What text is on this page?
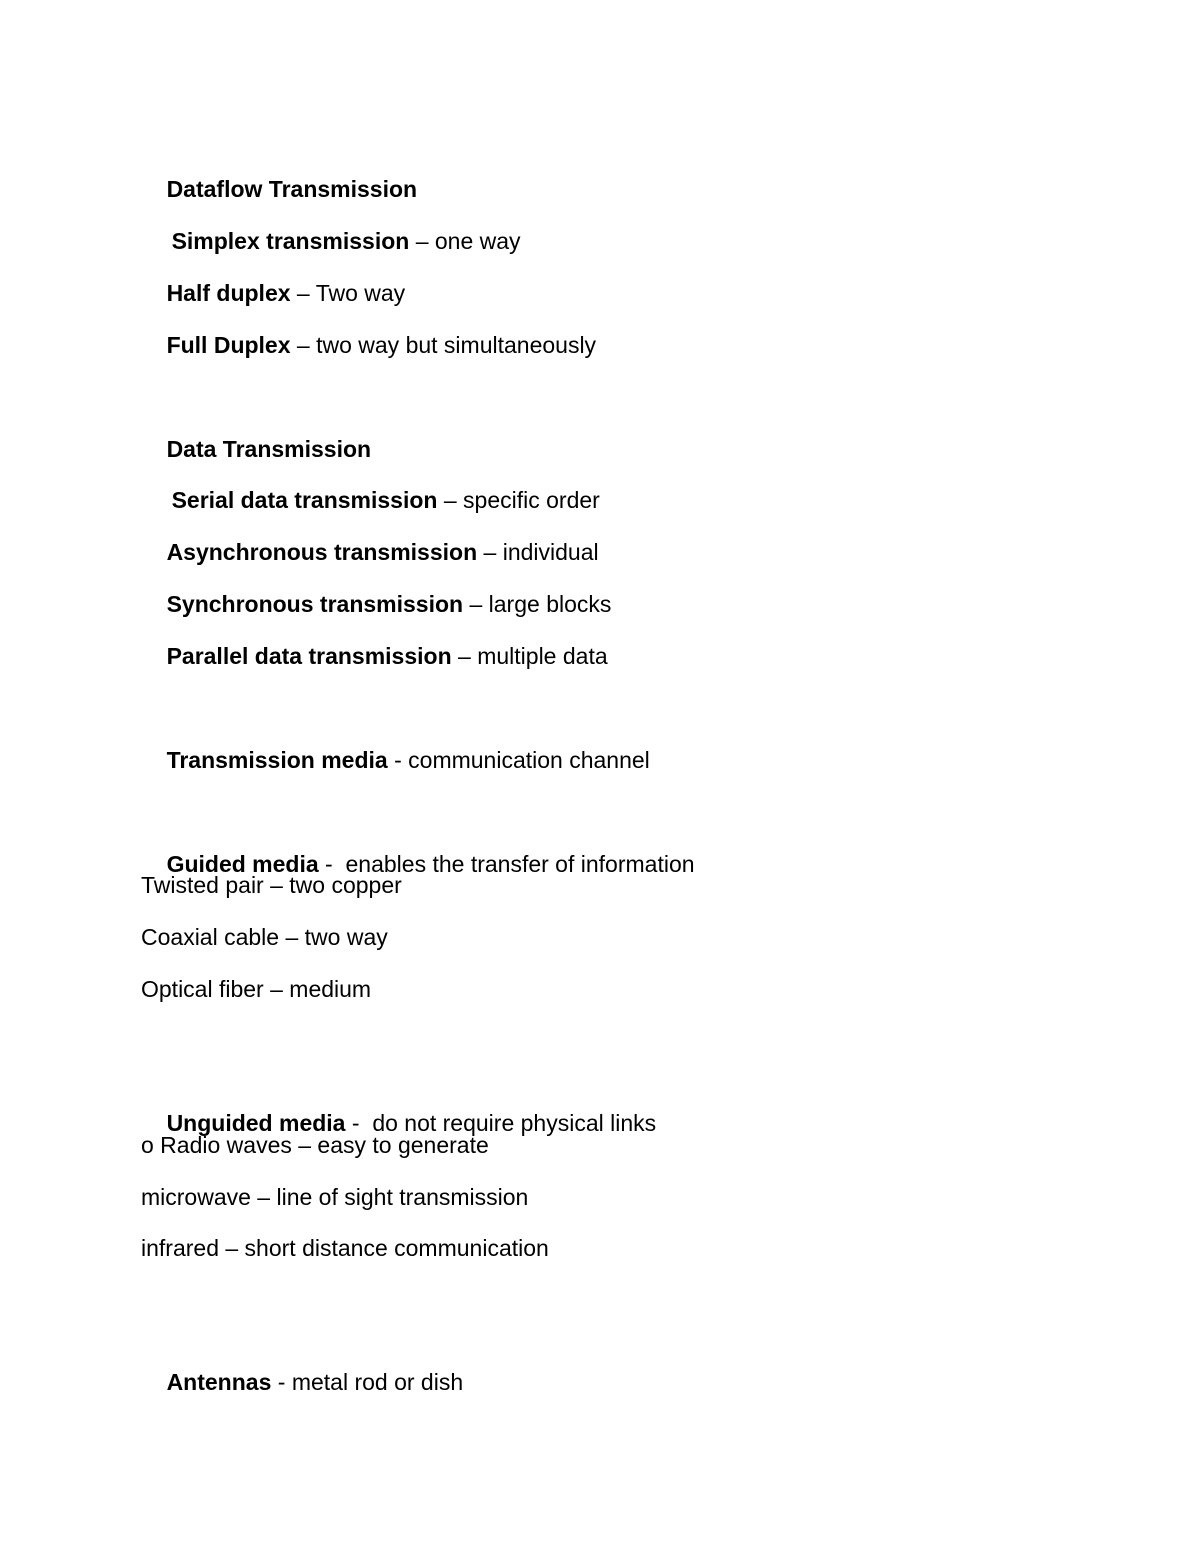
Dataflow Transmission

Simplex transmission – one way

Half duplex – Two way

Full Duplex – two way but simultaneously

Data Transmission

Serial data transmission – specific order

Asynchronous transmission – individual

Synchronous transmission – large blocks

Parallel data transmission – multiple data

Transmission media - communication channel

Guided media -  enables the transfer of information

Twisted pair – two copper
Coaxial cable – two way
Optical fiber – medium

Unguided media -  do not require physical links

o Radio waves – easy to generate
microwave – line of sight transmission
infrared – short distance communication

Antennas - metal rod or dish
